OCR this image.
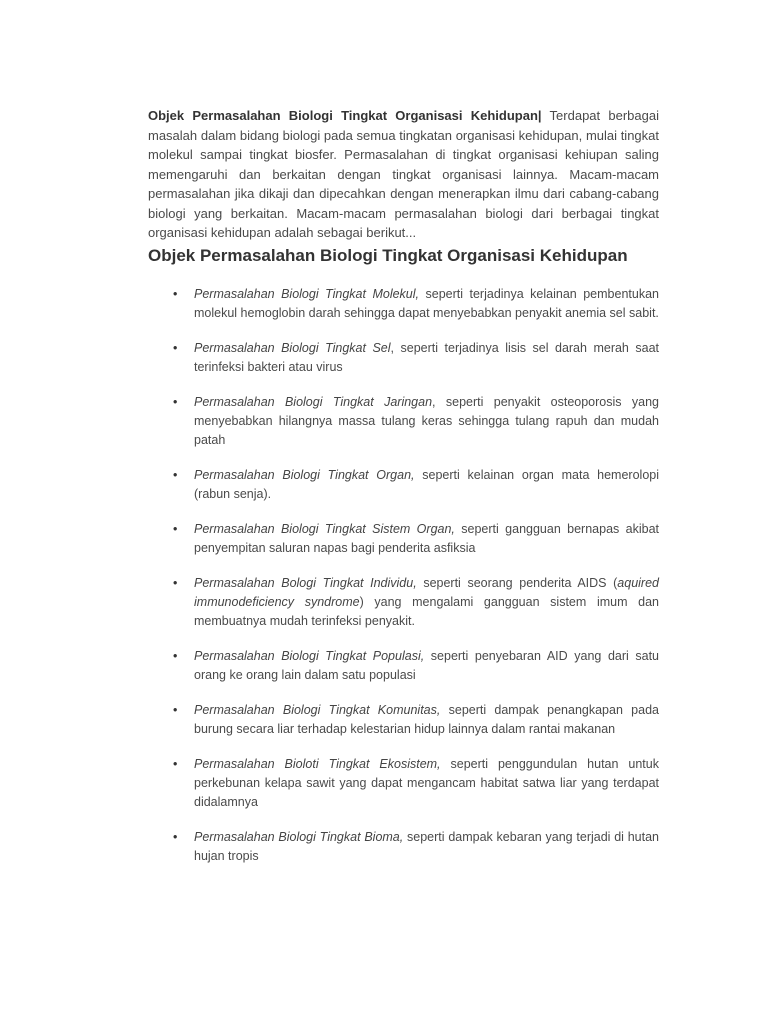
Objek Permasalahan Biologi Tingkat Organisasi Kehidupan| Terdapat berbagai masalah dalam bidang biologi pada semua tingkatan organisasi kehidupan, mulai tingkat molekul sampai tingkat biosfer. Permasalahan di tingkat organisasi kehiupan saling memengaruhi dan berkaitan dengan tingkat organisasi lainnya. Macam-macam permasalahan jika dikaji dan dipecahkan dengan menerapkan ilmu dari cabang-cabang biologi yang berkaitan. Macam-macam permasalahan biologi dari berbagai tingkat organisasi kehidupan adalah sebagai berikut...

Objek Permasalahan Biologi Tingkat Organisasi Kehidupan
• Permasalahan Biologi Tingkat Molekul, seperti terjadinya kelainan pembentukan molekul hemoglobin darah sehingga dapat menyebabkan penyakit anemia sel sabit.
• Permasalahan Biologi Tingkat Sel, seperti terjadinya lisis sel darah merah saat terinfeksi bakteri atau virus
• Permasalahan Biologi Tingkat Jaringan, seperti penyakit osteoporosis yang menyebabkan hilangnya massa tulang keras sehingga tulang rapuh dan mudah patah
• Permasalahan Biologi Tingkat Organ, seperti kelainan organ mata hemerolopi (rabun senja).
• Permasalahan Biologi Tingkat Sistem Organ, seperti gangguan bernapas akibat penyempitan saluran napas bagi penderita asfiksia
• Permasalahan Bologi Tingkat Individu, seperti seorang penderita AIDS (aquired immunodeficiency syndrome) yang mengalami gangguan sistem imum dan membuatnya mudah terinfeksi penyakit.
• Permasalahan Biologi Tingkat Populasi, seperti penyebaran AID yang dari satu orang ke orang lain dalam satu populasi
• Permasalahan Biologi Tingkat Komunitas, seperti dampak penangkapan pada burung secara liar terhadap kelestarian hidup lainnya dalam rantai makanan
• Permasalahan Bioloti Tingkat Ekosistem, seperti penggundulan hutan untuk perkebunan kelapa sawit yang dapat mengancam habitat satwa liar yang terdapat didalamnya
• Permasalahan Biologi Tingkat Bioma, seperti dampak kebaran yang terjadi di hutan hujan tropis
